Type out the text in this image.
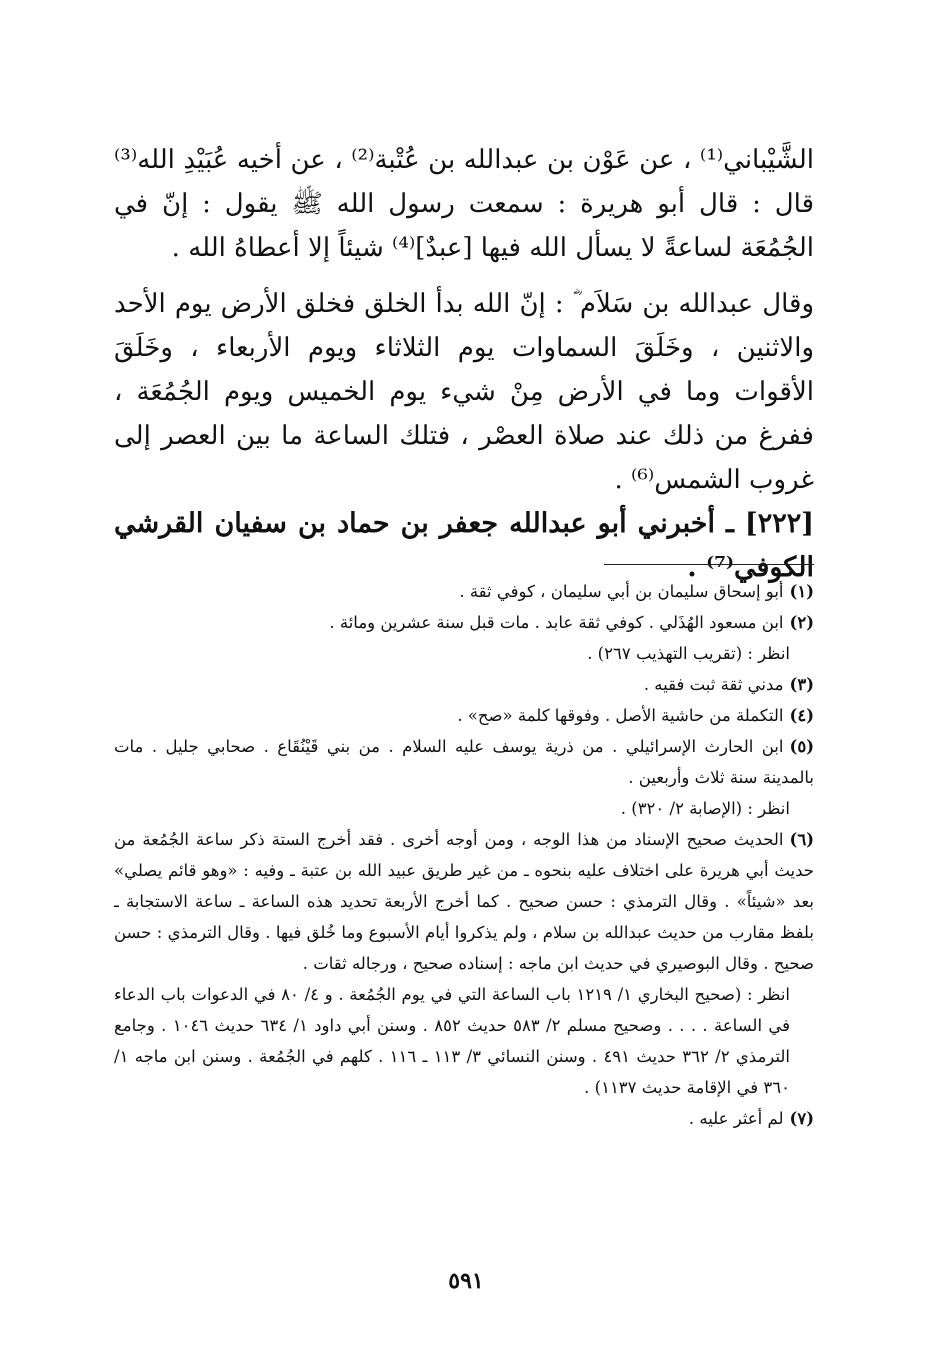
الشَّيْباني⁽¹⁾ ، عن عَوْن بن عبدالله بن عُتْبة⁽²⁾ ، عن أخيه عُبَيْدِ الله⁽³⁾ قال : قال أبو هريرة : سمعت رسول الله ﷺ يقول : إنّ في الجُمُعَة لساعةً لا يسأل الله فيها [عبدٌ]⁽⁴⁾ شيئاً إلا أعطاهُ الله .

وقال عبدالله بن سَلاَم ؓ : إنّ الله بدأ الخلق فخلق الأرض يوم الأحد والاثنين ، وخَلَقَ السماوات يوم الثلاثاء ويوم الأربعاء ، وخَلَقَ الأقوات وما في الأرض مِنْ شيء يوم الخميس ويوم الجُمُعَة ، ففرغ من ذلك عند صلاة العصْر ، فتلك الساعة ما بين العصر إلى غروب الشمس⁽⁶⁾ .

[٢٢٢] ـ أخبرني أبو عبدالله جعفر بن حماد بن سفيان القرشي الكوفي⁽⁷⁾ .

(١)أبو إسحاق سليمان بن أبي سليمان ، كوفي ثقة .

(٢)ابن مسعود الهُذَلي . كوفي ثقة عابد . مات قبل سنة عشرين ومائة .

انظر : (تقريب التهذيب ٢٦٧) .

(٣)مدني ثقة ثبت فقيه .

(٤)التكملة من حاشية الأصل . وفوقها كلمة «صح» .

(٥)ابن الحارث الإسرائيلي . من ذرية يوسف عليه السلام . من بني قَيْنُقَاع . صحابي جليل . مات بالمدينة سنة ثلاث وأربعين .

انظر : (الإصابة ٢/ ٣٢٠) .

(٦)الحديث صحيح الإسناد من هذا الوجه ، ومن أوجه أخرى . فقد أخرج الستة ذكر ساعة الجُمُعة من حديث أبي هريرة على اختلاف عليه بنحوه ـ من غير طريق عبيد الله بن عتبة ـ وفيه : «وهو قائم يصلي» بعد «شيئاً» . وقال الترمذي : حسن صحيح . كما أخرج الأربعة تحديد هذه الساعة ـ ساعة الاستجابة ـ بلفظ مقارب من حديث عبدالله بن سلام ، ولم يذكروا أيام الأسبوع وما خُلق فيها . وقال الترمذي : حسن صحيح . وقال البوصيري في حديث ابن ماجه : إسناده صحيح ، ورجاله ثقات .

انظر : (صحيح البخاري ١/ ١٢١٩ باب الساعة التي في يوم الجُمُعة . و ٤/ ٨٠ في الدعوات باب الدعاء في الساعة . . . . وصحيح مسلم ٢/ ٥٨٣ حديث ٨٥٢ . وسنن أبي داود ١/ ٦٣٤ حديث ١٠٤٦ . وجامع الترمذي ٢/ ٣٦٢ حديث ٤٩١ . وسنن النسائي ٣/ ١١٣ ـ ١١٦ . كلهم في الجُمُعة . وسنن ابن ماجه ١/ ٣٦٠ في الإقامة حديث ١١٣٧) .

(٧)لم أعثر عليه .

٥٩١
